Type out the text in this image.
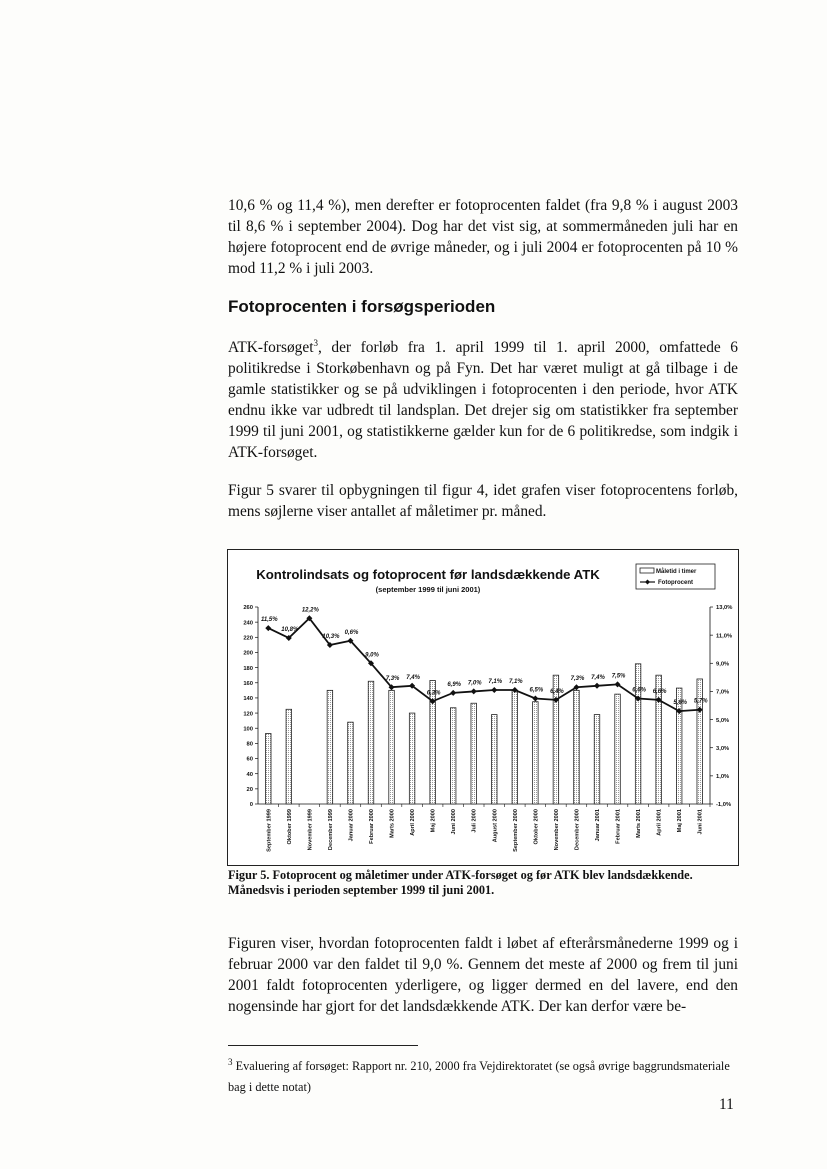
10,6 % og 11,4 %), men derefter er fotoprocenten faldet (fra 9,8 % i august 2003 til 8,6 % i september 2004). Dog har det vist sig, at sommermåneden juli har en højere fotoprocent end de øvrige måneder, og i juli 2004 er fotoprocenten på 10 % mod 11,2 % i juli 2003.

Fotoprocenten i forsøgsperioden

ATK-forsøget$^3$, der forløb fra 1. april 1999 til 1. april 2000, omfattede 6 politikredse i Storkøbenhavn og på Fyn. Det har været muligt at gå tilbage i de gamle statistikker og se på udviklingen i fotoprocenten i den periode, hvor ATK endnu ikke var udbredt til landsplan. Det drejer sig om statistikker fra september 1999 til juni 2001, og statistikkerne gælder kun for de 6 politikredse, som indgik i ATK-forsøget.

Figur 5 svarer til opbygningen til figur 4, idet grafen viser fotoprocentens forløb, mens søjlerne viser antallet af måletimer pr. måned.

Kontrolindsats og fotoprocent før landsdækkende ATK
(september 1999 til juni 2001)
Måletid i timer
Fotoprocent
0
20
40
60
80
100
120
140
160
180
200
220
240
260
-1,0%
1,0%
3,0%
5,0%
7,0%
9,0%
11,0%
13,0%
September 1999	Oktober 1999	November 1999	December 1999	Januar 2000	Februar 2000	Marts 2000	April 2000	Maj 2000	Juni 2000	Juli 2000	August 2000	September 2000	Oktober 2000	November 2000	December 2000	Januar 2001	Februar 2001	Marts 2001	April 2001	Maj 2001	Juni 2001
11,5%
10,8%
12,2%
10,3%
0,6%
9,0%
7,3% 7,4%
6,3%
6,9% 7,0% 7,1% 7,1%
6,5% 6,4%
7,3% 7,4% 7,5%
6,6% 6,6%
5,6% 5,7%

Figur 5. Fotoprocent og måletimer under ATK-forsøget og før ATK blev landsdækkende. Månedsvis i perioden september 1999 til juni 2001.

Figuren viser, hvordan fotoprocenten faldt i løbet af efterårsmånederne 1999 og i februar 2000 var den faldet til 9,0 %. Gennem det meste af 2000 og frem til juni 2001 faldt fotoprocenten yderligere, og ligger dermed en del lavere, end den nogensinde har gjort for det landsdækkende ATK. Der kan derfor være be-

$^3$ Evaluering af forsøget: Rapport nr. 210, 2000 fra Vejdirektoratet (se også øvrige baggrundsmateriale bag i dette notat)

11
